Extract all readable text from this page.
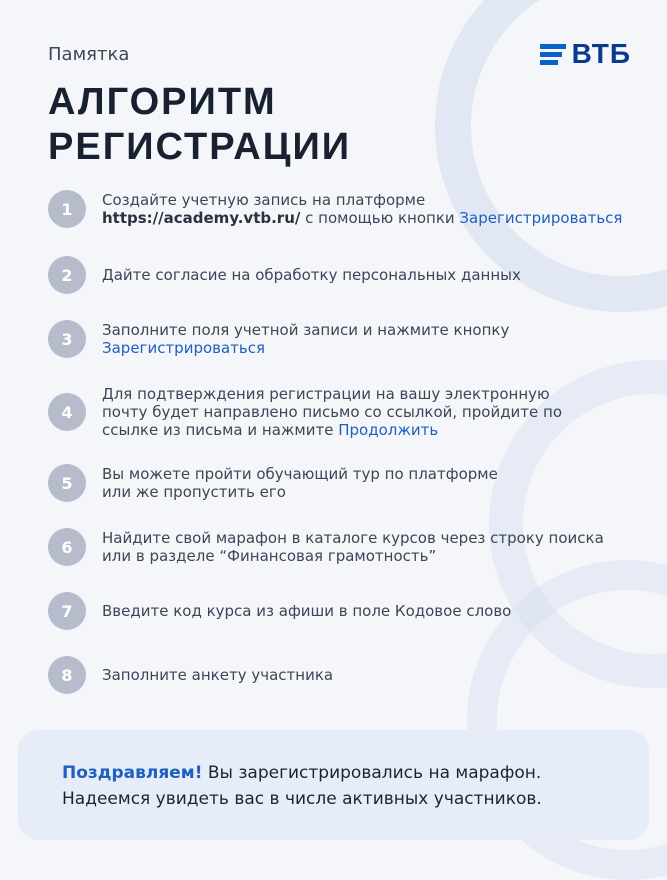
Памятка	ВТБ
АЛГОРИТМ
РЕГИСТРАЦИИ
1	Создайте учетную запись на платформе
https://academy.vtb.ru/ с помощью кнопки Зарегистрироваться
2	Дайте согласие на обработку персональных данных
3	Заполните поля учетной записи и нажмите кнопку
Зарегистрироваться
4
Для подтверждения регистрации на вашу электронную
почту будет направлено письмо со ссылкой, пройдите по
ссылке из письма и нажмите Продолжить
5	Вы можете пройти обучающий тур по платформе
или же пропустить его
6	Найдите свой марафон в каталоге курсов через строку поиска
или в разделе “Финансовая грамотность”
7	Введите код курса из афиши в поле Кодовое слово
8	Заполните анкету участника
Поздравляем! Вы зарегистрировались на марафон.
Надеемся увидеть вас в числе активных участников.
